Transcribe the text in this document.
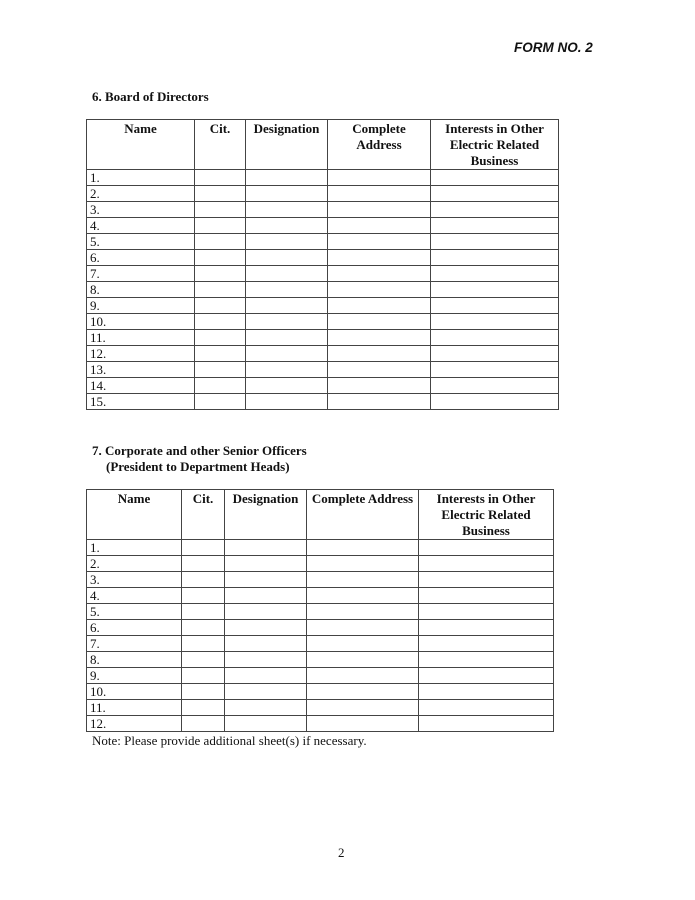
FORM NO. 2
6. Board of Directors
Name	Cit.	Designation	Complete Address	Interests in Other Electric Related Business
1.				
2.				
3.				
4.				
5.				
6.				
7.				
8.				
9.				
10.				
11.				
12.				
13.				
14.				
15.				
7. Corporate and other Senior Officers
(President to Department Heads)
Name	Cit.	Designation	Complete Address	Interests in Other Electric Related Business
1.				
2.				
3.				
4.				
5.				
6.				
7.				
8.				
9.				
10.				
11.				
12.				
Note: Please provide additional sheet(s) if necessary.
2
